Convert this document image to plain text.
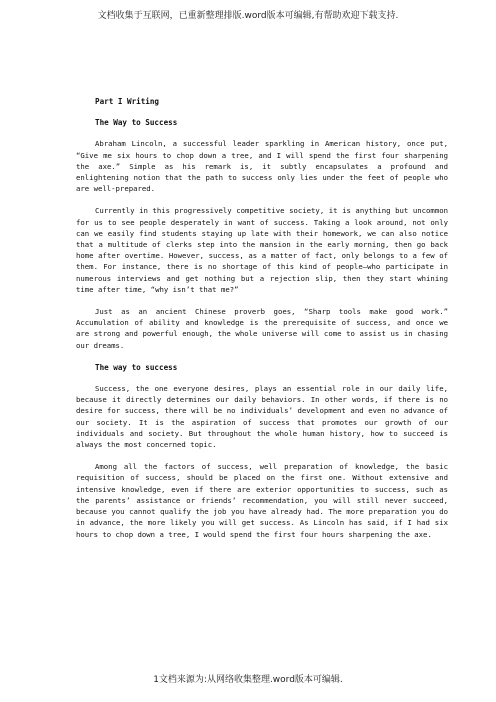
文档收集于互联网，已重新整理排版.word版本可编辑,有帮助欢迎下载支持.
Part I Writing
The Way to Success

Abraham Lincoln, a successful leader sparkling in American history, once put, “Give me six hours to chop down a tree, and I will spend the first four sharpening the axe.” Simple as his remark is, it subtly encapsulates a profound and enlightening notion that the path to success only lies under the feet of people who are well-prepared.

Currently in this progressively competitive society, it is anything but uncommon for us to see people desperately in want of success. Taking a look around, not only can we easily find students staying up late with their homework, we can also notice that a multitude of clerks step into the mansion in the early morning, then go back home after overtime. However, success, as a matter of fact, only belongs to a few of them. For instance, there is no shortage of this kind of people—who participate in numerous interviews and get nothing but a rejection slip, then they start whining time after time, “why isn’t that me?”

Just as an ancient Chinese proverb goes, “Sharp tools make good work.” Accumulation of ability and knowledge is the prerequisite of success, and once we are strong and powerful enough, the whole universe will come to assist us in chasing our dreams.

The way to success

Success, the one everyone desires, plays an essential role in our daily life, because it directly determines our daily behaviors. In other words, if there is no desire for success, there will be no individuals’ development and even no advance of our society. It is the aspiration of success that promotes our growth of our individuals and society. But throughout the whole human history, how to succeed is always the most concerned topic.

Among all the factors of success, well preparation of knowledge, the basic requisition of success, should be placed on the first one. Without extensive and intensive knowledge, even if there are exterior opportunities to success, such as the parents’ assistance or friends’ recommendation, you will still never succeed, because you cannot qualify the job you have already had. The more preparation you do in advance, the more likely you will get success. As Lincoln has said, if I had six hours to chop down a tree, I would spend the first four hours sharpening the axe.

1文档来源为:从网络收集整理.word版本可编辑.
